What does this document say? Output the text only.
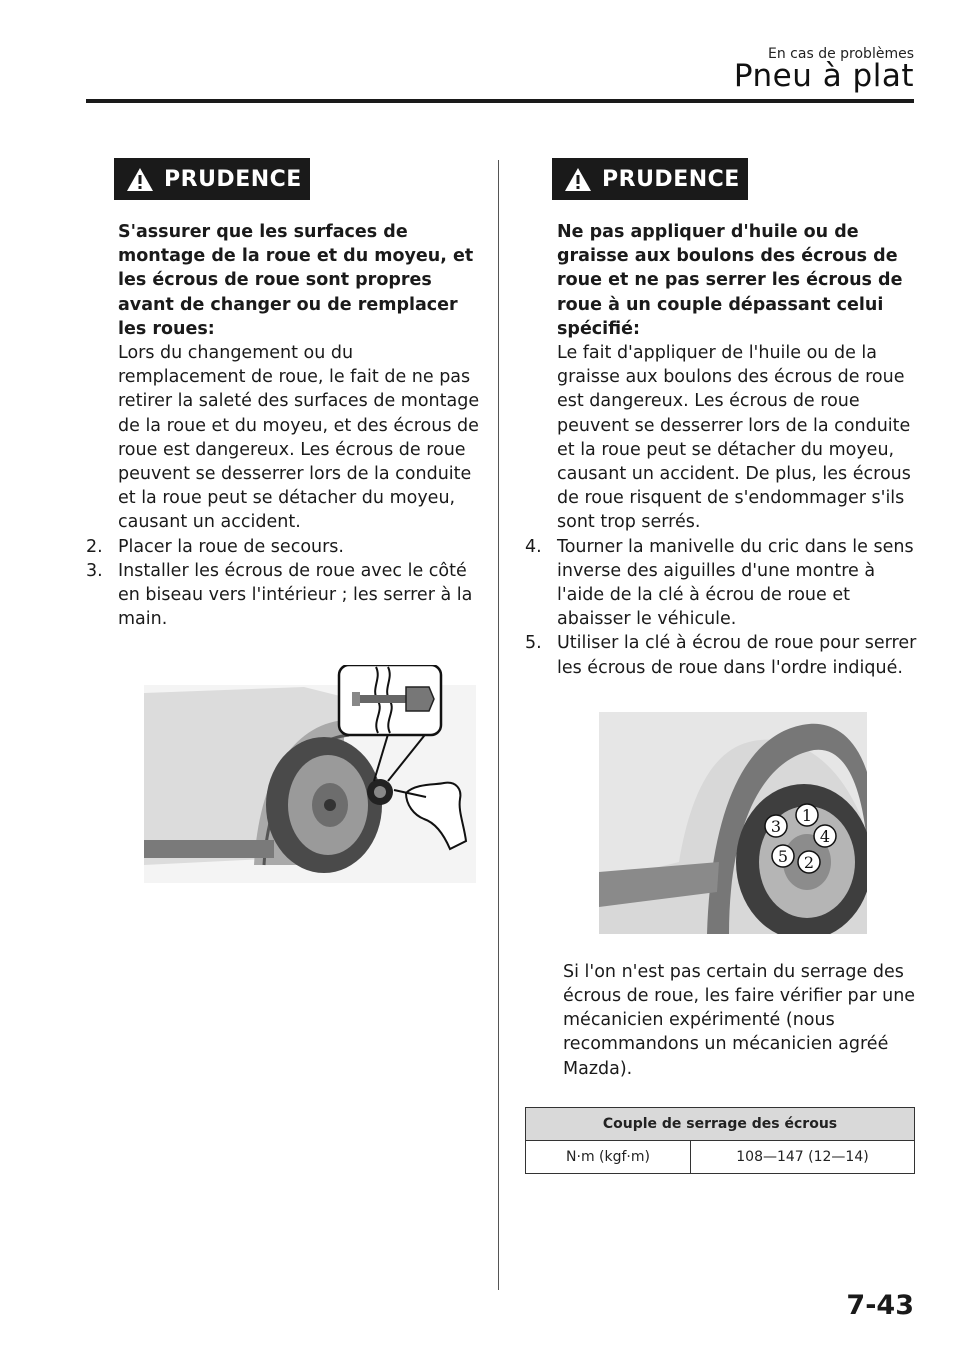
En cas de problèmes
Pneu à plat
PRUDENCE
S'assurer que les surfaces de montage de la roue et du moyeu, et les écrous de roue sont propres avant de changer ou de remplacer les roues:
Lors du changement ou du remplacement de roue, le fait de ne pas retirer la saleté des surfaces de montage de la roue et du moyeu, et des écrous de roue est dangereux. Les écrous de roue peuvent se desserrer lors de la conduite et la roue peut se détacher du moyeu, causant un accident.
2. Placer la roue de secours.
3. Installer les écrous de roue avec le côté en biseau vers l'intérieur ; les serrer à la main.
PRUDENCE
Ne pas appliquer d'huile ou de graisse aux boulons des écrous de roue et ne pas serrer les écrous de roue à un couple dépassant celui spécifié:
Le fait d'appliquer de l'huile ou de la graisse aux boulons des écrous de roue est dangereux. Les écrous de roue peuvent se desserrer lors de la conduite et la roue peut se détacher du moyeu, causant un accident. De plus, les écrous de roue risquent de s'endommager s'ils sont trop serrés.
4. Tourner la manivelle du cric dans le sens inverse des aiguilles d'une montre à l'aide de la clé à écrou de roue et abaisser le véhicule.
5. Utiliser la clé à écrou de roue pour serrer les écrous de roue dans l'ordre indiqué.
1
2
3
4
5
Si l'on n'est pas certain du serrage des écrous de roue, les faire vérifier par une mécanicien expérimenté (nous recommandons un mécanicien agréé Mazda).
Couple de serrage des écrous
N·m (kgf·m)	108—147 (12—14)
7-43
